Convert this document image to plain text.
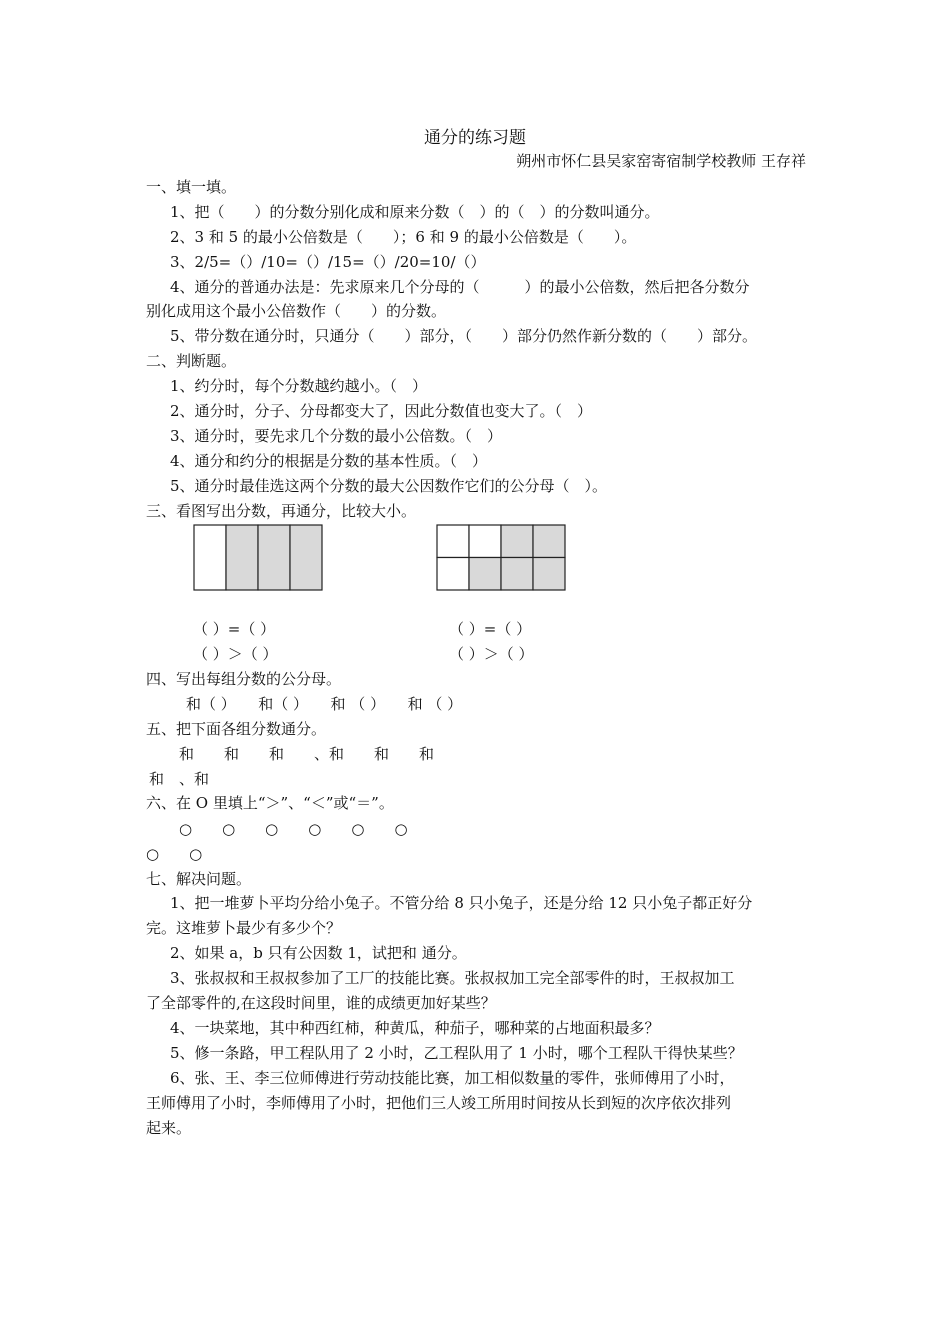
通分的练习题
朔州市怀仁县吴家窑寄宿制学校教师 王存祥
一、填一填。
1、把（　　）的分数分别化成和原来分数（　）的（　）的分数叫通分。
2、3 和 5 的最小公倍数是（　　）；6 和 9 的最小公倍数是（　　）。
3、2/5=（）/10=（）/15=（）/20=10/（）
4、通分的普通办法是：先求原来几个分母的（　　　）的最小公倍数，然后把各分数分
别化成用这个最小公倍数作（　　）的分数。
5、带分数在通分时，只通分（　　）部分，（　　）部分仍然作新分数的（　　）部分。
二、判断题。
1、约分时，每个分数越约越小。（　）
2、通分时，分子、分母都变大了，因此分数值也变大了。（　）
3、通分时，要先求几个分数的最小公倍数。（　）
4、通分和约分的根据是分数的基本性质。（　）
5、通分时最佳选这两个分数的最大公因数作它们的公分母（　）。
三、看图写出分数，再通分，比较大小。
（ ）=（ ）
（ ）＞（ ）
（ ）=（ ）
（ ）＞（ ）
四、写出每组分数的公分母。
和（ ）　　和（ ）　　和 （ ）　　和 （ ）
五、把下面各组分数通分。
和　　和　　和　　、和　　和　　和
和　、和
六、在 O 里填上“＞”、“＜”或“＝”。
○　　○　　○　　○　　○　　○
○　　○
七、解决问题。
1、把一堆萝卜平均分给小兔子。不管分给 8 只小兔子，还是分给 12 只小兔子都正好分
完。这堆萝卜最少有多少个？
2、如果 a，b 只有公因数 1，试把和 通分。
3、张叔叔和王叔叔参加了工厂的技能比赛。张叔叔加工完全部零件的时，王叔叔加工
了全部零件的,在这段时间里，谁的成绩更加好某些？
4、一块菜地，其中种西红柿，种黄瓜，种茄子，哪种菜的占地面积最多？
5、修一条路，甲工程队用了 2 小时，乙工程队用了 1 小时，哪个工程队干得快某些？
6、张、王、李三位师傅进行劳动技能比赛，加工相似数量的零件，张师傅用了小时，
王师傅用了小时，李师傅用了小时，把他们三人竣工所用时间按从长到短的次序依次排列
起来。
